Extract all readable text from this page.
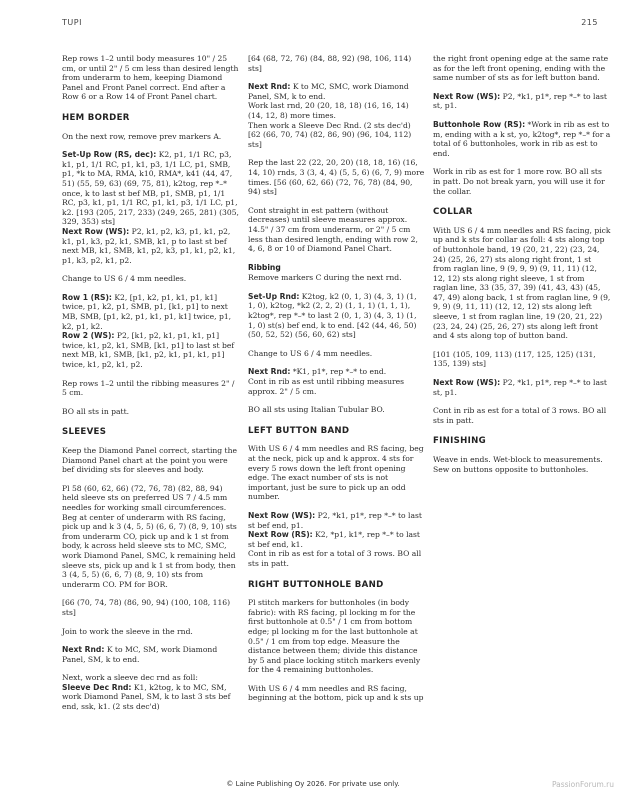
TUPI	215

Rep rows 1–2 until body measures 10" / 25 cm, or until 2" / 5 cm less than desired length from underarm to hem, keeping Diamond Panel and Front Panel correct. End after a Row 6 or a Row 14 of Front Panel chart.

HEM BORDER

On the next row, remove prev markers A.

Set-Up Row (RS, dec): K2, p1, 1/1 RC, p3, k1, p1, 1/1 RC, p1, k1, p3, 1/1 LC, p1, SMB, p1, *k to MA, RMA, k10, RMA*, k41 (44, 47, 51) (55, 59, 63) (69, 75, 81), k2tog, rep *–* once, k to last st bef MB, p1, SMB, p1, 1/1 RC, p3, k1, p1, 1/1 RC, p1, k1, p3, 1/1 LC, p1, k2. [193 (205, 217, 233) (249, 265, 281) (305, 329, 353) sts]

Next Row (WS): P2, k1, p2, k3, p1, k1, p2, k1, p1, k3, p2, k1, SMB, k1, p to last st bef next MB, k1, SMB, k1, p2, k3, p1, k1, p2, k1, p1, k3, p2, k1, p2.

Change to US 6 / 4 mm needles.

Row 1 (RS): K2, [p1, k2, p1, k1, p1, k1] twice, p1, k2, p1, SMB, p1, [k1, p1] to next MB, SMB, [p1, k2, p1, k1, p1, k1] twice, p1, k2, p1, k2.

Row 2 (WS): P2, [k1, p2, k1, p1, k1, p1] twice, k1, p2, k1, SMB, [k1, p1] to last st bef next MB, k1, SMB, [k1, p2, k1, p1, k1, p1] twice, k1, p2, k1, p2.

Rep rows 1–2 until the ribbing measures 2" / 5 cm.

BO all sts in patt.

SLEEVES

Keep the Diamond Panel correct, starting the Diamond Panel chart at the point you were bef dividing sts for sleeves and body.

Pl 58 (60, 62, 66) (72, 76, 78) (82, 88, 94) held sleeve sts on preferred US 7 / 4.5 mm needles for working small circumferences. Beg at center of underarm with RS facing, pick up and k 3 (4, 5, 5) (6, 6, 7) (8, 9, 10) sts from underarm CO, pick up and k 1 st from body, k across held sleeve sts to MC, SMC, work Diamond Panel, SMC, k remaining held sleeve sts, pick up and k 1 st from body, then 3 (4, 5, 5) (6, 6, 7) (8, 9, 10) sts from underarm CO. PM for BOR.

[66 (70, 74, 78) (86, 90, 94) (100, 108, 116) sts]

Join to work the sleeve in the rnd.

Next Rnd: K to MC, SM, work Diamond Panel, SM, k to end.

Next, work a sleeve dec rnd as foll:

Sleeve Dec Rnd: K1, k2tog, k to MC, SM, work Diamond Panel, SM, k to last 3 sts bef end, ssk, k1. (2 sts dec'd)

[64 (68, 72, 76) (84, 88, 92) (98, 106, 114) sts]

Next Rnd: K to MC, SMC, work Diamond Panel, SM, k to end.
Work last rnd, 20 (20, 18, 18) (16, 16, 14) (14, 12, 8) more times.
Then work a Sleeve Dec Rnd. (2 sts dec'd)
[62 (66, 70, 74) (82, 86, 90) (96, 104, 112) sts]

Rep the last 22 (22, 20, 20) (18, 18, 16) (16, 14, 10) rnds, 3 (3, 4, 4) (5, 5, 6) (6, 7, 9) more times. [56 (60, 62, 66) (72, 76, 78) (84, 90, 94) sts]

Cont straight in est pattern (without decreases) until sleeve measures approx. 14.5" / 37 cm from underarm, or 2" / 5 cm less than desired length, ending with row 2, 4, 6, 8 or 10 of Diamond Panel Chart.

Ribbing

Remove markers C during the next rnd.

Set-Up Rnd: K2tog, k2 (0, 1, 3) (4, 3, 1) (1, 1, 0), k2tog, *k2 (2, 2, 2) (1, 1, 1) (1, 1, 1), k2tog*, rep *–* to last 2 (0, 1, 3) (4, 3, 1) (1, 1, 0) st(s) bef end, k to end. [42 (44, 46, 50) (50, 52, 52) (56, 60, 62) sts]

Change to US 6 / 4 mm needles.

Next Rnd: *K1, p1*, rep *–* to end.
Cont in rib as est until ribbing measures approx. 2" / 5 cm.

BO all sts using Italian Tubular BO.

LEFT BUTTON BAND

With US 6 / 4 mm needles and RS facing, beg at the neck, pick up and k approx. 4 sts for every 5 rows down the left front opening edge. The exact number of sts is not important, just be sure to pick up an odd number.

Next Row (WS): P2, *k1, p1*, rep *–* to last st bef end, p1.

Next Row (RS): K2, *p1, k1*, rep *–* to last st bef end, k1.
Cont in rib as est for a total of 3 rows. BO all sts in patt.

RIGHT BUTTONHOLE BAND

Pl stitch markers for buttonholes (in body fabric): with RS facing, pl locking m for the first buttonhole at 0.5" / 1 cm from bottom edge; pl locking m for the last buttonhole at 0.5" / 1 cm from top edge. Measure the distance between them; divide this distance by 5 and place locking stitch markers evenly for the 4 remaining buttonholes.

With US 6 / 4 mm needles and RS facing, beginning at the bottom, pick up and k sts up

the right front opening edge at the same rate as for the left front opening, ending with the same number of sts as for left button band.

Next Row (WS): P2, *k1, p1*, rep *–* to last st, p1.

Buttonhole Row (RS): *Work in rib as est to m, ending with a k st, yo, k2tog*, rep *–* for a total of 6 buttonholes, work in rib as est to end.

Work in rib as est for 1 more row. BO all sts in patt. Do not break yarn, you will use it for the collar.

COLLAR

With US 6 / 4 mm needles and RS facing, pick up and k sts for collar as foll: 4 sts along top of buttonhole band, 19 (20, 21, 22) (23, 24, 24) (25, 26, 27) sts along right front, 1 st from raglan line, 9 (9, 9, 9) (9, 11, 11) (12, 12, 12) sts along right sleeve, 1 st from raglan line, 33 (35, 37, 39) (41, 43, 43) (45, 47, 49) along back, 1 st from raglan line, 9 (9, 9, 9) (9, 11, 11) (12, 12, 12) sts along left sleeve, 1 st from raglan line, 19 (20, 21, 22) (23, 24, 24) (25, 26, 27) sts along left front and 4 sts along top of button band.

[101 (105, 109, 113) (117, 125, 125) (131, 135, 139) sts]

Next Row (WS): P2, *k1, p1*, rep *–* to last st, p1.

Cont in rib as est for a total of 3 rows. BO all sts in patt.

FINISHING

Weave in ends. Wet-block to measurements. Sew on buttons opposite to buttonholes.

© Laine Publishing Oy 2026. For private use only.	PassionForum.ru
